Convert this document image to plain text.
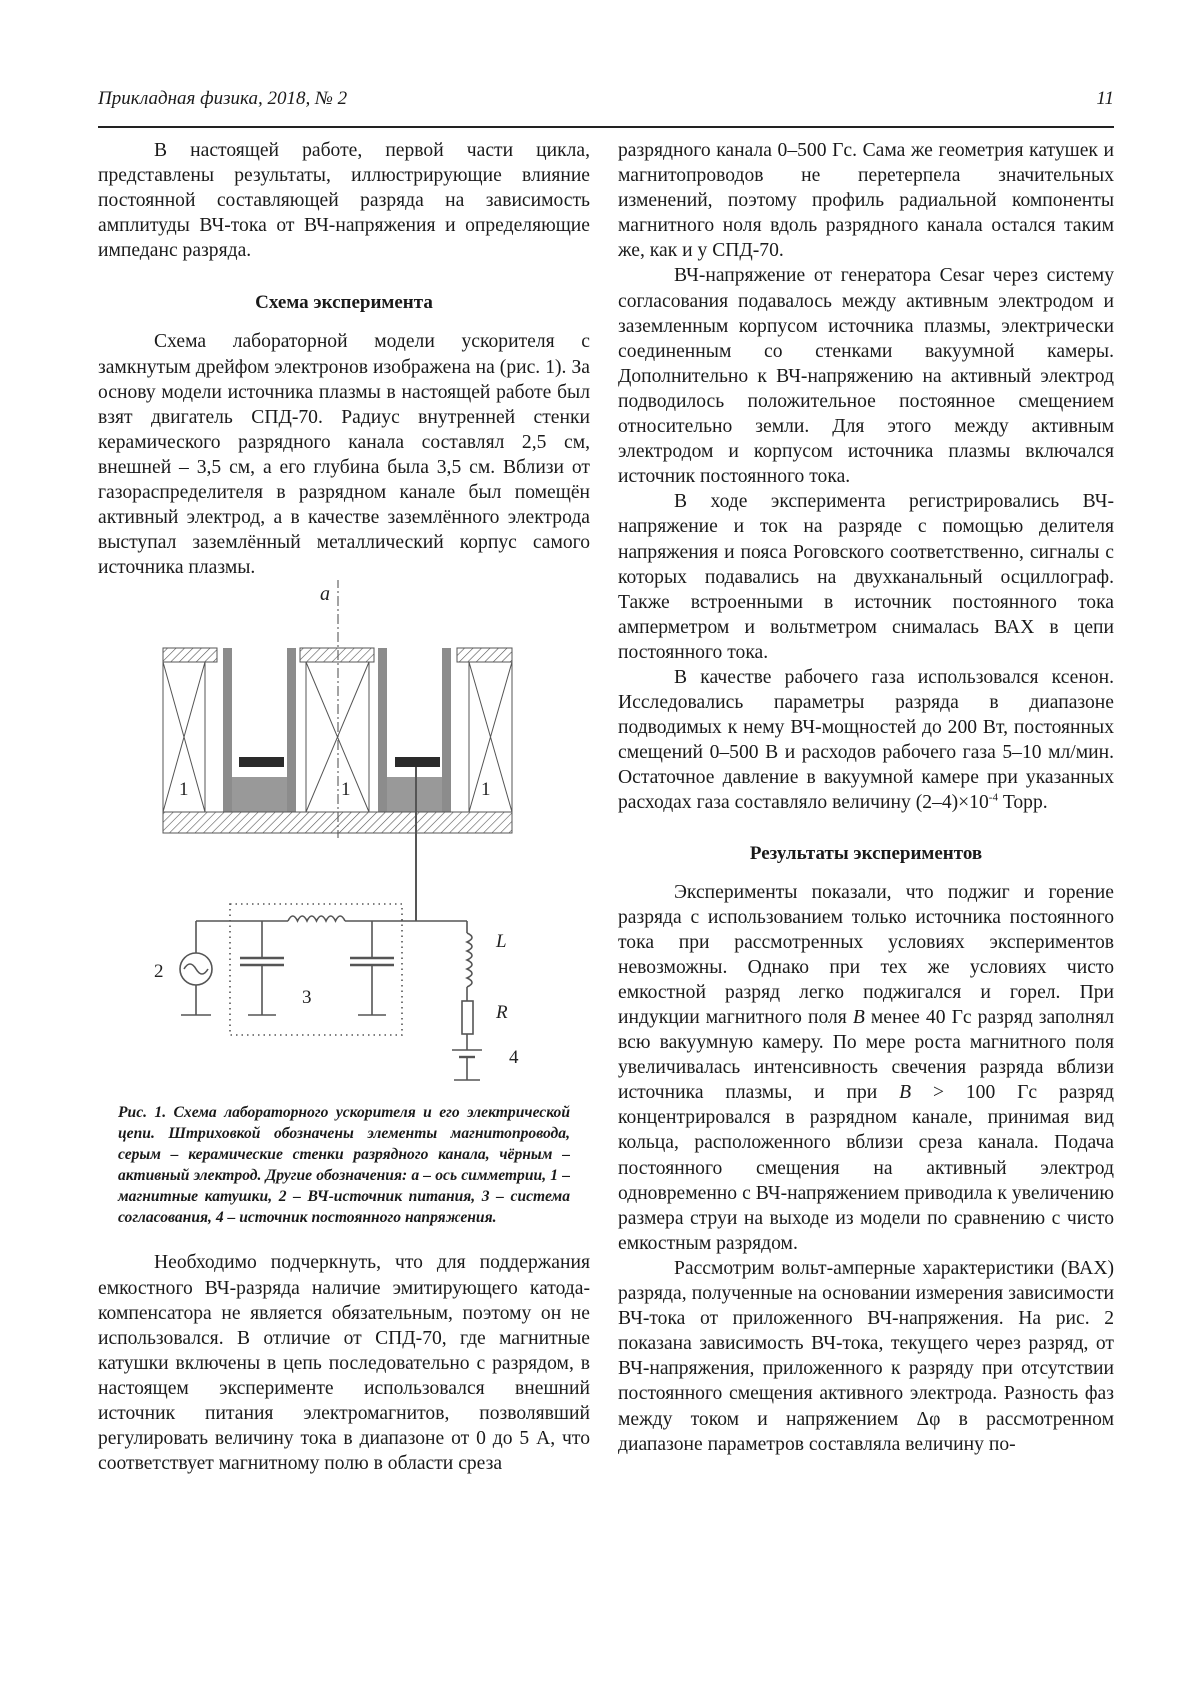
Прикладная физика, 2018, № 2	11

В настоящей работе, первой части цикла, представлены результаты, иллюстрирующие влияние постоянной составляющей разряда на зависимость амплитуды ВЧ-тока от ВЧ-напряжения и определяющие импеданс разряда.

Схема эксперимента

Схема лабораторной модели ускорителя с замкнутым дрейфом электронов изображена на (рис. 1). За основу модели источника плазмы в настоящей работе был взят двигатель СПД-70. Радиус внутренней стенки керамического разрядного канала составлял 2,5 см, внешней – 3,5 см, а его глубина была 3,5 см. Вблизи от газораспределителя в разрядном канале был помещён активный электрод, а в качестве заземлённого электрода выступал заземлённый металлический корпус самого источника плазмы.

a
1	1	1
2
3
L
R
4
Рис. 1. Схема лабораторного ускорителя и его электрической цепи. Штриховкой обозначены элементы магнитопровода, серым – керамические стенки разрядного канала, чёрным – активный электрод. Другие обозначения: а – ось симметрии, 1 – магнитные катушки, 2 – ВЧ-источник питания, 3 – система согласования, 4 – источник постоянного напряжения.

Необходимо подчеркнуть, что для поддержания емкостного ВЧ-разряда наличие эмитирующего катода-компенсатора не является обязательным, поэтому он не использовался. В отличие от СПД-70, где магнитные катушки включены в цепь последовательно с разрядом, в настоящем эксперименте использовался внешний источник питания электромагнитов, позволявший регулировать величину тока в диапазоне от 0 до 5 А, что соответствует магнитному полю в области среза

разрядного канала 0–500 Гс. Сама же геометрия катушек и магнитопроводов не перетерпела значительных изменений, поэтому профиль радиальной компоненты магнитного ноля вдоль разрядного канала остался таким же, как и у СПД-70.

ВЧ-напряжение от генератора Cesar через систему согласования подавалось между активным электродом и заземленным корпусом источника плазмы, электрически соединенным со стенками вакуумной камеры. Дополнительно к ВЧ-напряжению на активный электрод подводилось положительное постоянное смещением относительно земли. Для этого между активным электродом и корпусом источника плазмы включался источник постоянного тока.

В ходе эксперимента регистрировались ВЧ-напряжение и ток на разряде с помощью делителя напряжения и пояса Роговского соответственно, сигналы с которых подавались на двухканальный осциллограф. Также встроенными в источник постоянного тока амперметром и вольтметром снималась ВАХ в цепи постоянного тока.

В качестве рабочего газа использовался ксенон. Исследовались параметры разряда в диапазоне подводимых к нему ВЧ-мощностей до 200 Вт, постоянных смещений 0–500 В и расходов рабочего газа 5–10 мл/мин. Остаточное давление в вакуумной камере при указанных расходах газа составляло величину $(2-4)\times 10^{-4}$ Торр.

Результаты экспериментов

Эксперименты показали, что поджиг и горение разряда с использованием только источника постоянного тока при рассмотренных условиях экспериментов невозможны. Однако при тех же условиях чисто емкостной разряд легко поджигался и горел. При индукции магнитного поля B менее 40 Гс разряд заполнял всю вакуумную камеру. По мере роста магнитного поля увеличивалась интенсивность свечения разряда вблизи источника плазмы, и при B > 100 Гс разряд концентрировался в разрядном канале, принимая вид кольца, расположенного вблизи среза канала. Подача постоянного смещения на активный электрод одновременно с ВЧ-напряжением приводила к увеличению размера струи на выходе из модели по сравнению с чисто емкостным разрядом.

Рассмотрим вольт-амперные характеристики (ВАХ) разряда, полученные на основании измерения зависимости ВЧ-тока от приложенного ВЧ-напряжения. На рис. 2 показана зависимость ВЧ-тока, текущего через разряд, от ВЧ-напряжения, приложенного к разряду при отсутствии постоянного смещения активного электрода. Разность фаз между током и напряжением Δφ в рассмотренном диапазоне параметров составляла величину по-
